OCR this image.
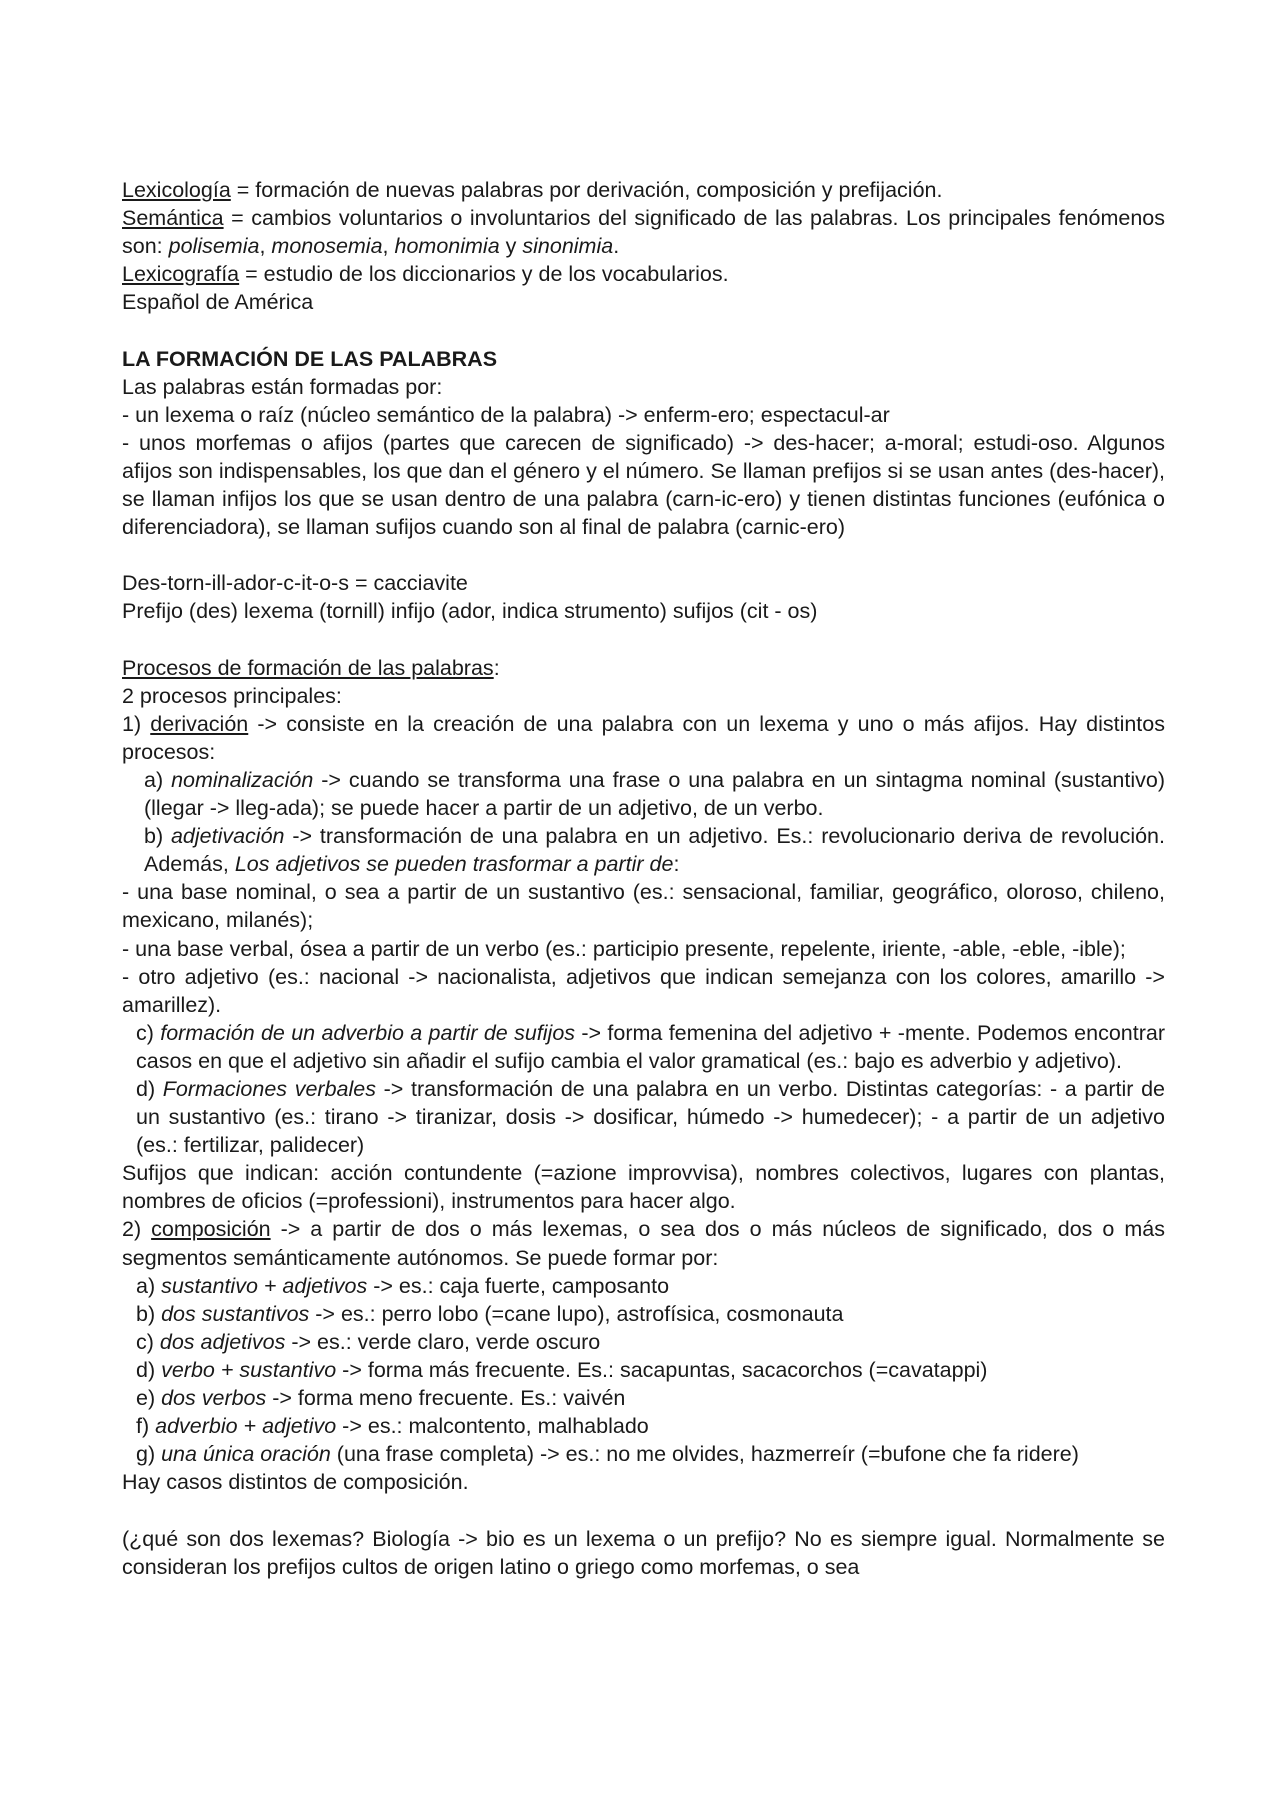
Lexicología = formación de nuevas palabras por derivación, composición y prefijación.

Semántica = cambios voluntarios o involuntarios del significado de las palabras. Los principales fenómenos son: polisemia, monosemia, homonimia y sinonimia.

Lexicografía = estudio de los diccionarios y de los vocabularios.

Español de América

LA FORMACIÓN DE LAS PALABRAS

Las palabras están formadas por:

- un lexema o raíz (núcleo semántico de la palabra) -> enferm-ero; espectacul-ar

- unos morfemas o afijos (partes que carecen de significado) -> des-hacer; a-moral; estudi-oso. Algunos afijos son indispensables, los que dan el género y el número. Se llaman prefijos si se usan antes (des-hacer), se llaman infijos los que se usan dentro de una palabra (carn-ic-ero) y tienen distintas funciones (eufónica o diferenciadora), se llaman sufijos cuando son al final de palabra (carnic-ero)

Des-torn-ill-ador-c-it-o-s = cacciavite

Prefijo (des) lexema (tornill) infijo (ador, indica strumento) sufijos (cit - os)

Procesos de formación de las palabras:

2 procesos principales:

1) derivación -> consiste en la creación de una palabra con un lexema y uno o más afijos. Hay distintos procesos:

a) nominalización -> cuando se transforma una frase o una palabra en un sintagma nominal (sustantivo) (llegar -> lleg-ada); se puede hacer a partir de un adjetivo, de un verbo.

b) adjetivación -> transformación de una palabra en un adjetivo. Es.: revolucionario deriva de revolución. Además, Los adjetivos se pueden trasformar a partir de:

- una base nominal, o sea a partir de un sustantivo (es.: sensacional, familiar, geográfico, oloroso, chileno, mexicano, milanés);

- una base verbal, ósea a partir de un verbo (es.: participio presente, repelente, iriente, -able, -eble, -ible);

- otro adjetivo (es.: nacional -> nacionalista, adjetivos que indican semejanza con los colores, amarillo -> amarillez).

c) formación de un adverbio a partir de sufijos -> forma femenina del adjetivo + -mente. Podemos encontrar casos en que el adjetivo sin añadir el sufijo cambia el valor gramatical (es.: bajo es adverbio y adjetivo).

d) Formaciones verbales -> transformación de una palabra en un verbo. Distintas categorías: - a partir de un sustantivo (es.: tirano -> tiranizar, dosis -> dosificar, húmedo -> humedecer); - a partir de un adjetivo (es.: fertilizar, palidecer)

Sufijos que indican: acción contundente (=azione improvvisa), nombres colectivos, lugares con plantas, nombres de oficios (=professioni), instrumentos para hacer algo.

2) composición -> a partir de dos o más lexemas, o sea dos o más núcleos de significado, dos o más segmentos semánticamente autónomos. Se puede formar por:

a) sustantivo + adjetivos -> es.: caja fuerte, camposanto

b) dos sustantivos -> es.: perro lobo (=cane lupo), astrofísica, cosmonauta

c) dos adjetivos -> es.: verde claro, verde oscuro

d) verbo + sustantivo -> forma más frecuente. Es.: sacapuntas, sacacorchos (=cavatappi)

e) dos verbos -> forma meno frecuente. Es.: vaivén

f) adverbio + adjetivo -> es.: malcontento, malhablado

g) una única oración (una frase completa) -> es.: no me olvides, hazmerreír (=bufone che fa ridere)

Hay casos distintos de composición.

(¿qué son dos lexemas? Biología -> bio es un lexema o un prefijo? No es siempre igual. Normalmente se consideran los prefijos cultos de origen latino o griego como morfemas, o sea
